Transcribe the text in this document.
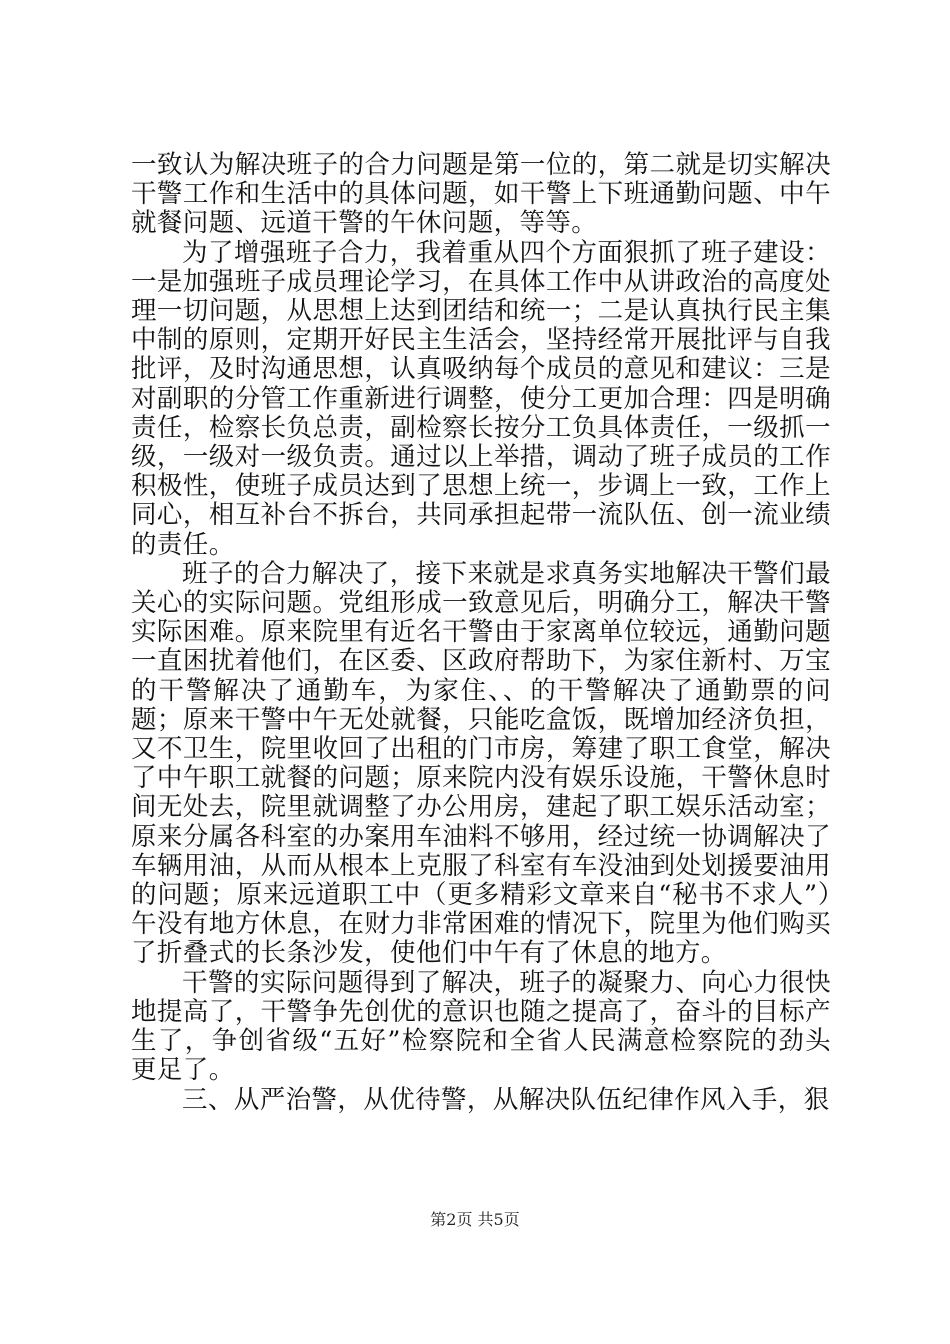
一致认为解决班子的合力问题是第一位的，第二就是切实解决干警工作和生活中的具体问题，如干警上下班通勤问题、中午就餐问题、远道干警的午休问题，等等。

为了增强班子合力，我着重从四个方面狠抓了班子建设：一是加强班子成员理论学习，在具体工作中从讲政治的高度处理一切问题，从思想上达到团结和统一；二是认真执行民主集中制的原则，定期开好民主生活会，坚持经常开展批评与自我批评，及时沟通思想，认真吸纳每个成员的意见和建议：三是对副职的分管工作重新进行调整，使分工更加合理：四是明确责任，检察长负总责，副检察长按分工负具体责任，一级抓一级，一级对一级负责。通过以上举措，调动了班子成员的工作积极性，使班子成员达到了思想上统一，步调上一致，工作上同心，相互补台不拆台，共同承担起带一流队伍、创一流业绩的责任。

班子的合力解决了，接下来就是求真务实地解决干警们最关心的实际问题。党组形成一致意见后，明确分工，解决干警实际困难。原来院里有近名干警由于家离单位较远，通勤问题一直困扰着他们，在区委、区政府帮助下，为家住新村、万宝的干警解决了通勤车，为家住、、的干警解决了通勤票的问题；原来干警中午无处就餐，只能吃盒饭，既增加经济负担，又不卫生，院里收回了出租的门市房，筹建了职工食堂，解决了中午职工就餐的问题；原来院内没有娱乐设施，干警休息时间无处去，院里就调整了办公用房，建起了职工娱乐活动室；原来分属各科室的办案用车油料不够用，经过统一协调解决了车辆用油，从而从根本上克服了科室有车没油到处划援要油用的问题；原来远道职工中（更多精彩文章来自“秘书不求人”）午没有地方休息，在财力非常困难的情况下，院里为他们购买了折叠式的长条沙发，使他们中午有了休息的地方。

干警的实际问题得到了解决，班子的凝聚力、向心力很快地提高了，干警争先创优的意识也随之提高了，奋斗的目标产生了，争创省级“五好”检察院和全省人民满意检察院的劲头更足了。

三、从严治警，从优待警，从解决队伍纪律作风入手，狠

第2页 共5页
